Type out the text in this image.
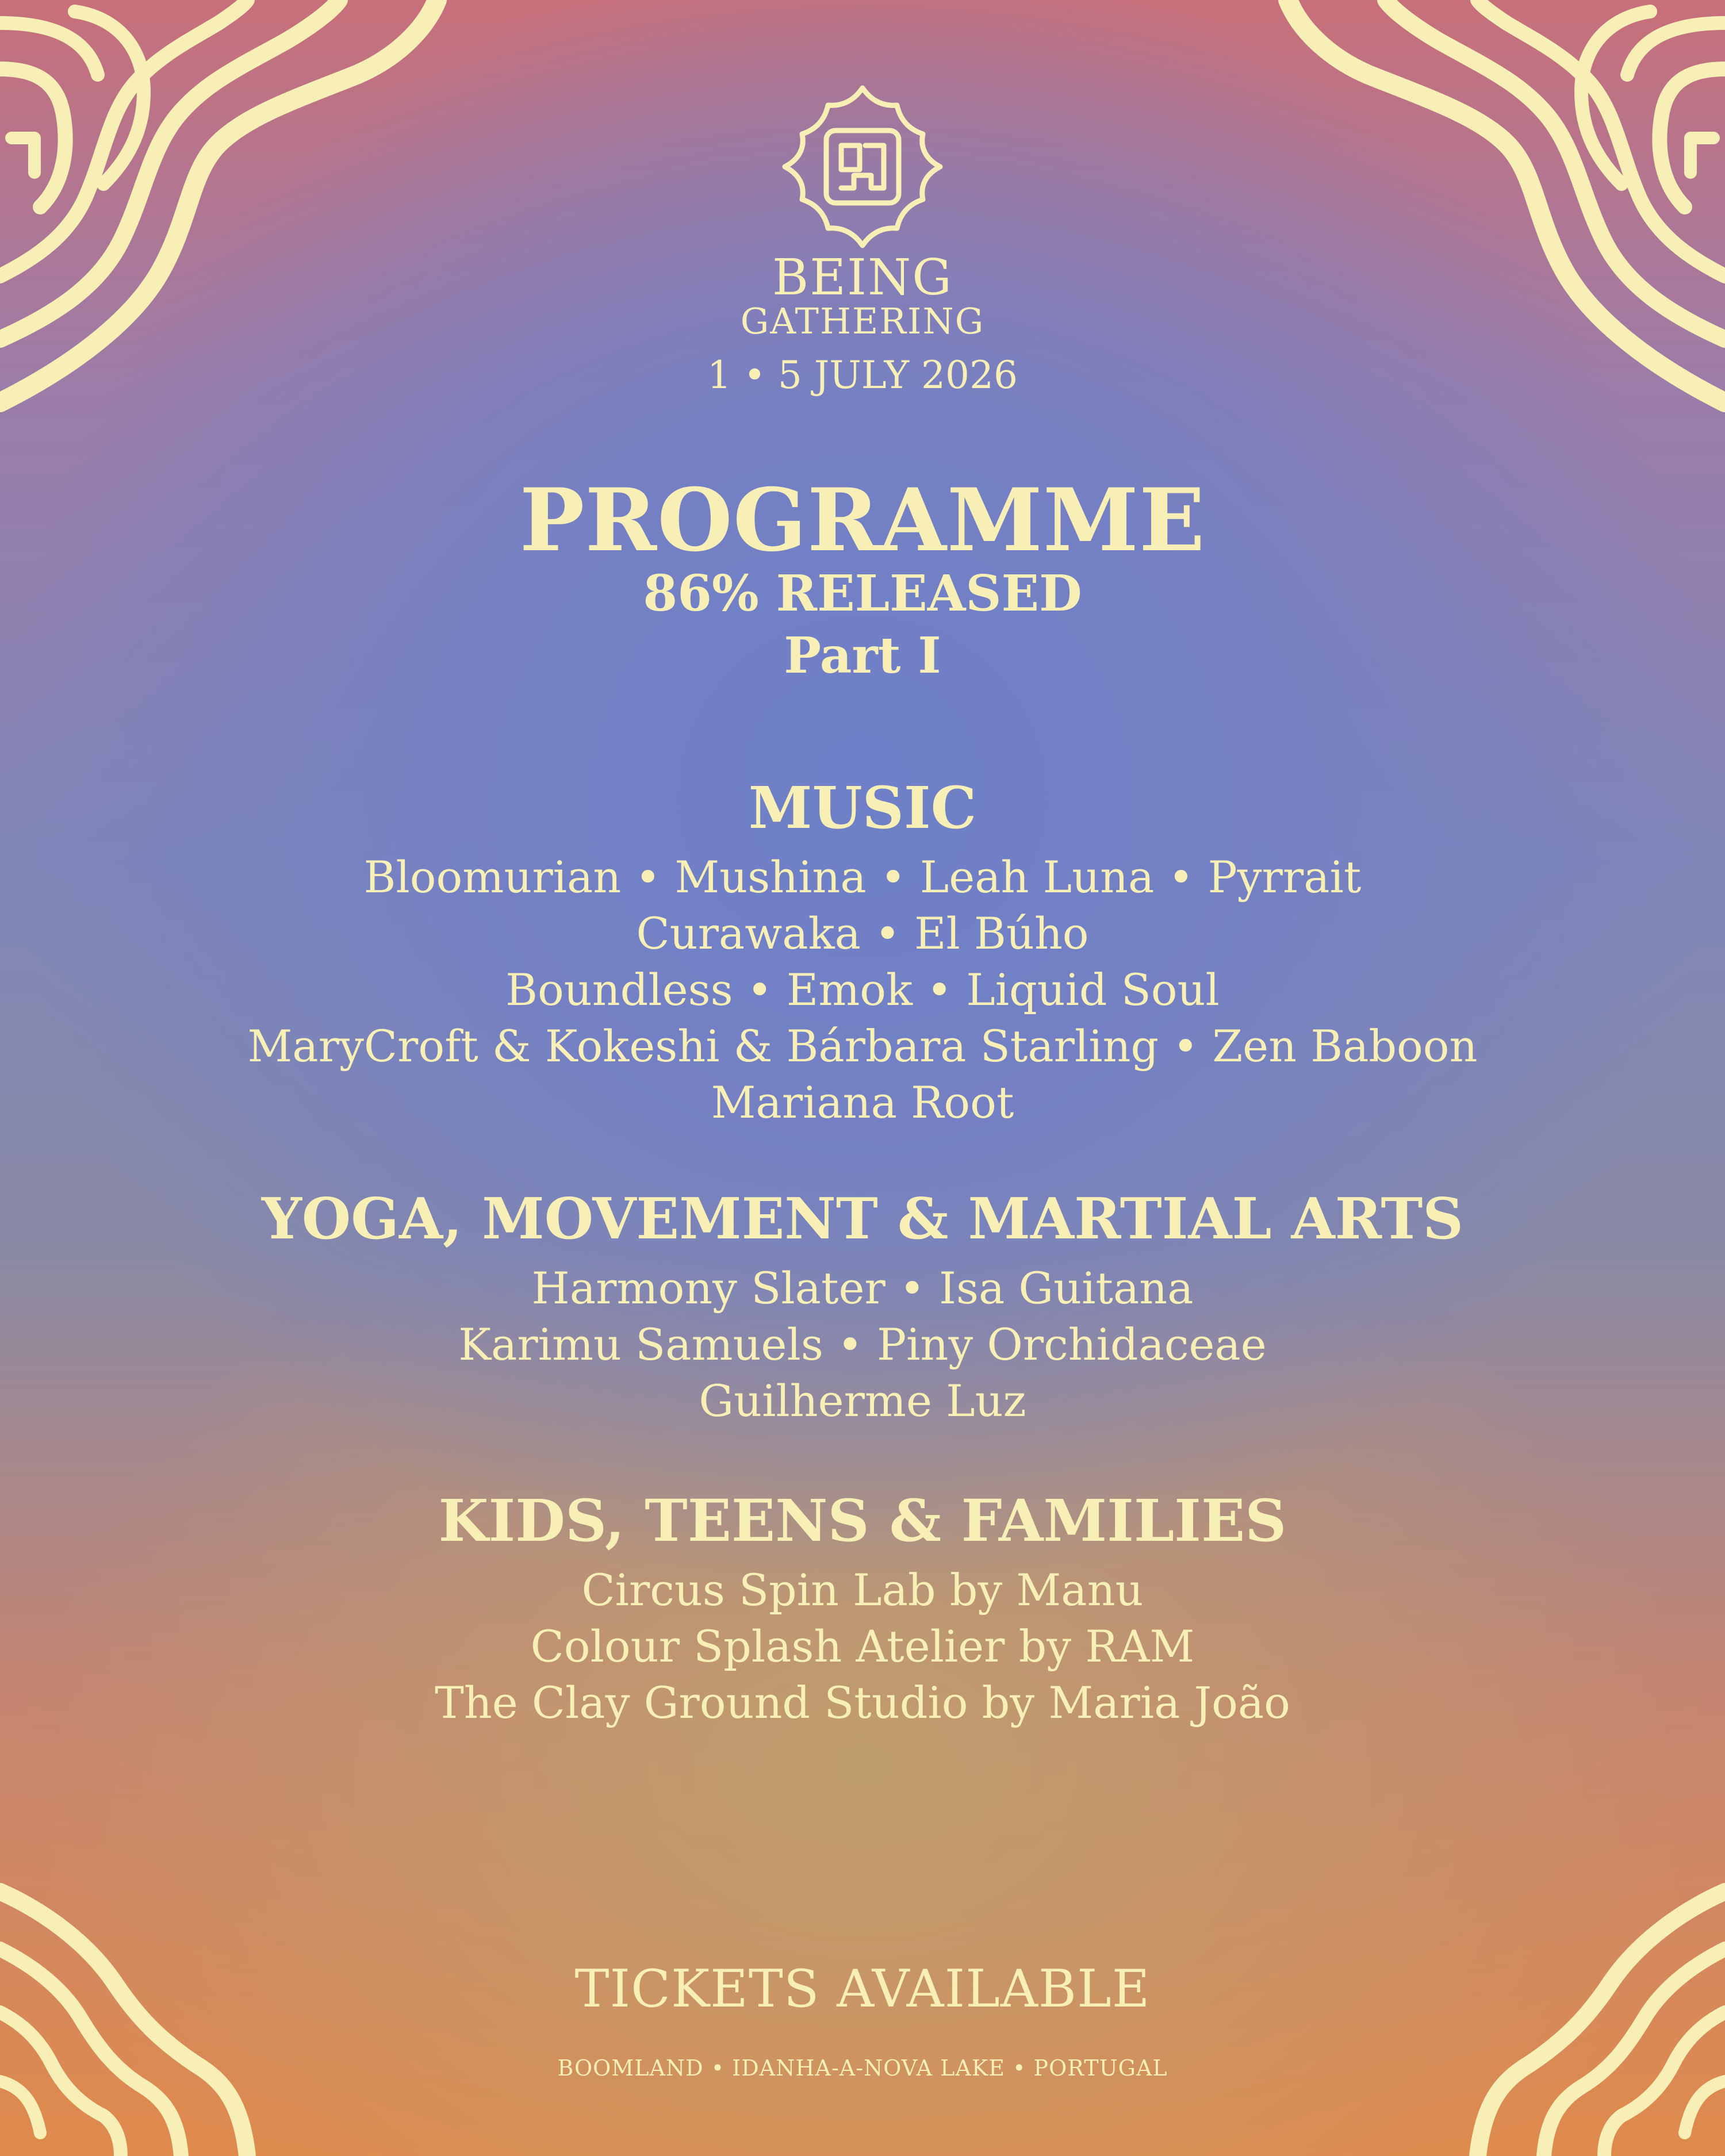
BEING
GATHERING
1 • 5 JULY 2026
PROGRAMME
86% RELEASED
Part I
MUSIC
Bloomurian • Mushina • Leah Luna • Pyrrait
Curawaka • El Búho
Boundless • Emok • Liquid Soul
MaryCroft & Kokeshi & Bárbara Starling • Zen Baboon
Mariana Root
YOGA, MOVEMENT & MARTIAL ARTS
Harmony Slater • Isa Guitana
Karimu Samuels • Piny Orchidaceae
Guilherme Luz
KIDS, TEENS & FAMILIES
Circus Spin Lab by Manu
Colour Splash Atelier by RAM
The Clay Ground Studio by Maria João
TICKETS AVAILABLE
BOOMLAND • IDANHA-A-NOVA LAKE • PORTUGAL
